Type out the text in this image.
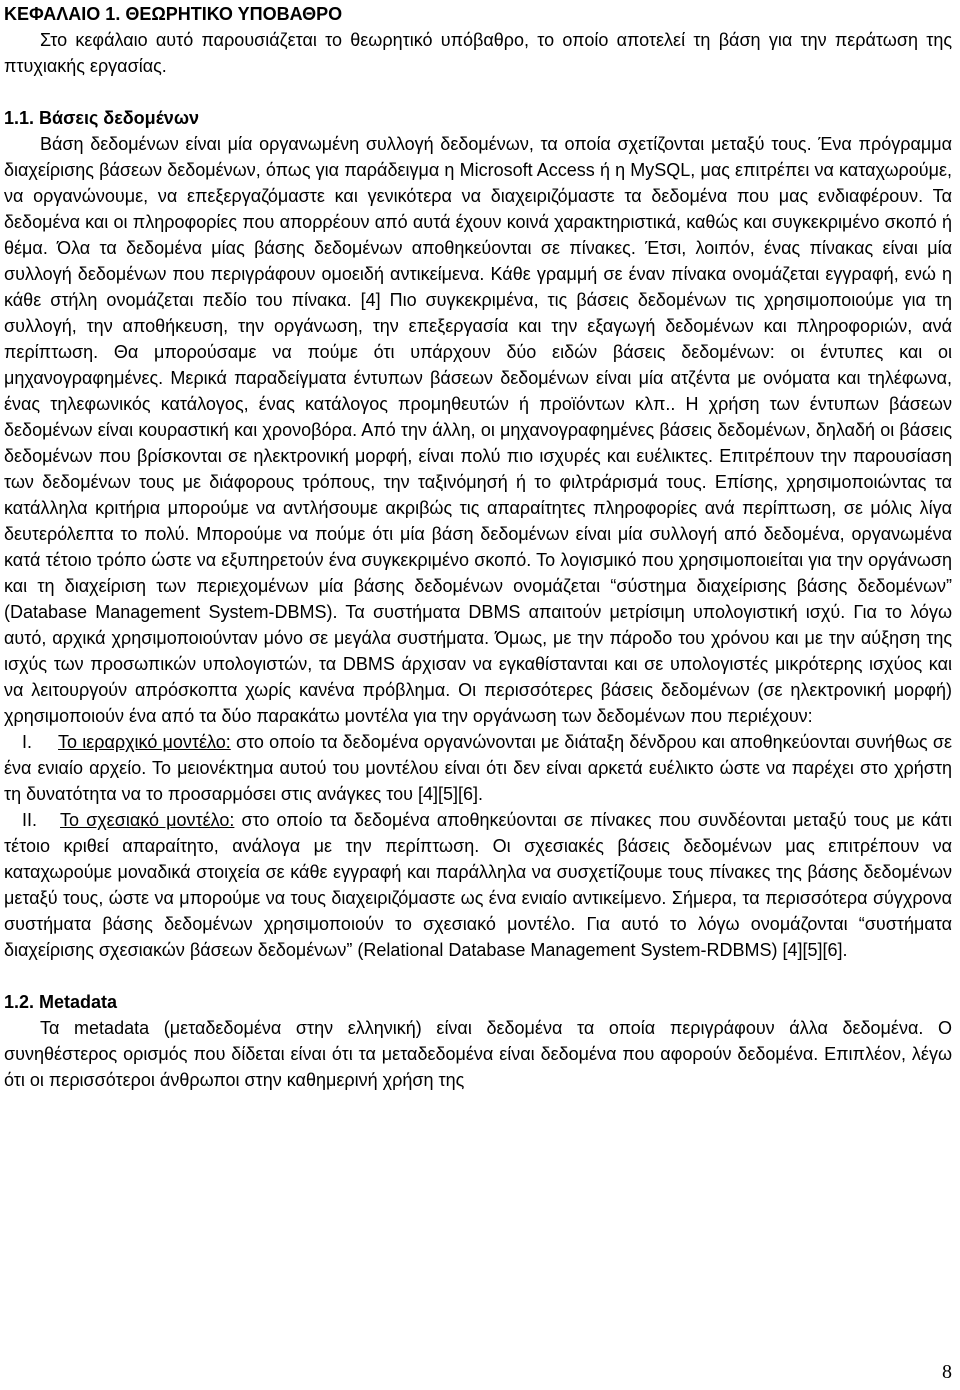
ΚΕΦΑΛΑΙΟ 1. ΘΕΩΡΗΤΙΚΟ ΥΠΟΒΑΘΡΟ

Στο κεφάλαιο αυτό παρουσιάζεται το θεωρητικό υπόβαθρο, το οποίο αποτελεί τη βάση για την περάτωση της πτυχιακής εργασίας.

1.1. Βάσεις δεδομένων

Βάση δεδομένων είναι μία οργανωμένη συλλογή δεδομένων, τα οποία σχετίζονται μεταξύ τους. Ένα πρόγραμμα διαχείρισης βάσεων δεδομένων, όπως για παράδειγμα η Microsoft Access ή η MySQL, μας επιτρέπει να καταχωρούμε, να οργανώνουμε, να επεξεργαζόμαστε και γενικότερα να διαχειριζόμαστε τα δεδομένα που μας ενδιαφέρουν. Τα δεδομένα και οι πληροφορίες που απορρέουν από αυτά έχουν κοινά χαρακτηριστικά, καθώς και συγκεκριμένο σκοπό ή θέμα. Όλα τα δεδομένα μίας βάσης δεδομένων αποθηκεύονται σε πίνακες. Έτσι, λοιπόν, ένας πίνακας είναι μία συλλογή δεδομένων που περιγράφουν ομοειδή αντικείμενα. Κάθε γραμμή σε έναν πίνακα ονομάζεται εγγραφή, ενώ η κάθε στήλη ονομάζεται πεδίο του πίνακα. [4] Πιο συγκεκριμένα, τις βάσεις δεδομένων τις χρησιμοποιούμε για τη συλλογή, την αποθήκευση, την οργάνωση, την επεξεργασία και την εξαγωγή δεδομένων και πληροφοριών, ανά περίπτωση. Θα μπορούσαμε να πούμε ότι υπάρχουν δύο ειδών βάσεις δεδομένων: οι έντυπες και οι μηχανογραφημένες. Μερικά παραδείγματα έντυπων βάσεων δεδομένων είναι μία ατζέντα με ονόματα και τηλέφωνα, ένας τηλεφωνικός κατάλογος, ένας κατάλογος προμηθευτών ή προϊόντων κλπ.. Η χρήση των έντυπων βάσεων δεδομένων είναι κουραστική και χρονοβόρα. Από την άλλη, οι μηχανογραφημένες βάσεις δεδομένων, δηλαδή οι βάσεις δεδομένων που βρίσκονται σε ηλεκτρονική μορφή, είναι πολύ πιο ισχυρές και ευέλικτες. Επιτρέπουν την παρουσίαση των δεδομένων τους με διάφορους τρόπους, την ταξινόμησή ή το φιλτράρισμά τους. Επίσης, χρησιμοποιώντας τα κατάλληλα κριτήρια μπορούμε να αντλήσουμε ακριβώς τις απαραίτητες πληροφορίες ανά περίπτωση, σε μόλις λίγα δευτερόλεπτα το πολύ. Μπορούμε να πούμε ότι μία βάση δεδομένων είναι μία συλλογή από δεδομένα, οργανωμένα κατά τέτοιο τρόπο ώστε να εξυπηρετούν ένα συγκεκριμένο σκοπό. Το λογισμικό που χρησιμοποιείται για την οργάνωση και τη διαχείριση των περιεχομένων μία βάσης δεδομένων ονομάζεται “σύστημα διαχείρισης βάσης δεδομένων” (Database Management System-DBMS). Τα συστήματα DBMS απαιτούν μετρίσιμη υπολογιστική ισχύ. Για το λόγω αυτό, αρχικά χρησιμοποιούνταν μόνο σε μεγάλα συστήματα. Όμως, με την πάροδο του χρόνου και με την αύξηση της ισχύς των προσωπικών υπολογιστών, τα DBMS άρχισαν να εγκαθίστανται και σε υπολογιστές μικρότερης ισχύος και να λειτουργούν απρόσκοπτα χωρίς κανένα πρόβλημα. Οι περισσότερες βάσεις δεδομένων (σε ηλεκτρονική μορφή) χρησιμοποιούν ένα από τα δύο παρακάτω μοντέλα για την οργάνωση των δεδομένων που περιέχουν:

I. Το ιεραρχικό μοντέλο: στο οποίο τα δεδομένα οργανώνονται με διάταξη δένδρου και αποθηκεύονται συνήθως σε ένα ενιαίο αρχείο. Το μειονέκτημα αυτού του μοντέλου είναι ότι δεν είναι αρκετά ευέλικτο ώστε να παρέχει στο χρήστη τη δυνατότητα να το προσαρμόσει στις ανάγκες του [4][5][6].

II. Το σχεσιακό μοντέλο: στο οποίο τα δεδομένα αποθηκεύονται σε πίνακες που συνδέονται μεταξύ τους με κάτι τέτοιο κριθεί απαραίτητο, ανάλογα με την περίπτωση. Οι σχεσιακές βάσεις δεδομένων μας επιτρέπουν να καταχωρούμε μοναδικά στοιχεία σε κάθε εγγραφή και παράλληλα να συσχετίζουμε τους πίνακες της βάσης δεδομένων μεταξύ τους, ώστε να μπορούμε να τους διαχειριζόμαστε ως ένα ενιαίο αντικείμενο. Σήμερα, τα περισσότερα σύγχρονα συστήματα βάσης δεδομένων χρησιμοποιούν το σχεσιακό μοντέλο. Για αυτό το λόγω ονομάζονται “συστήματα διαχείρισης σχεσιακών βάσεων δεδομένων” (Relational Database Management System-RDBMS) [4][5][6].

1.2. Metadata

Τα metadata (μεταδεδομένα στην ελληνική) είναι δεδομένα τα οποία περιγράφουν άλλα δεδομένα. Ο συνηθέστερος ορισμός που δίδεται είναι ότι τα μεταδεδομένα είναι δεδομένα που αφορούν δεδομένα. Επιπλέον, λέγω ότι οι περισσότεροι άνθρωποι στην καθημερινή χρήση της

8
